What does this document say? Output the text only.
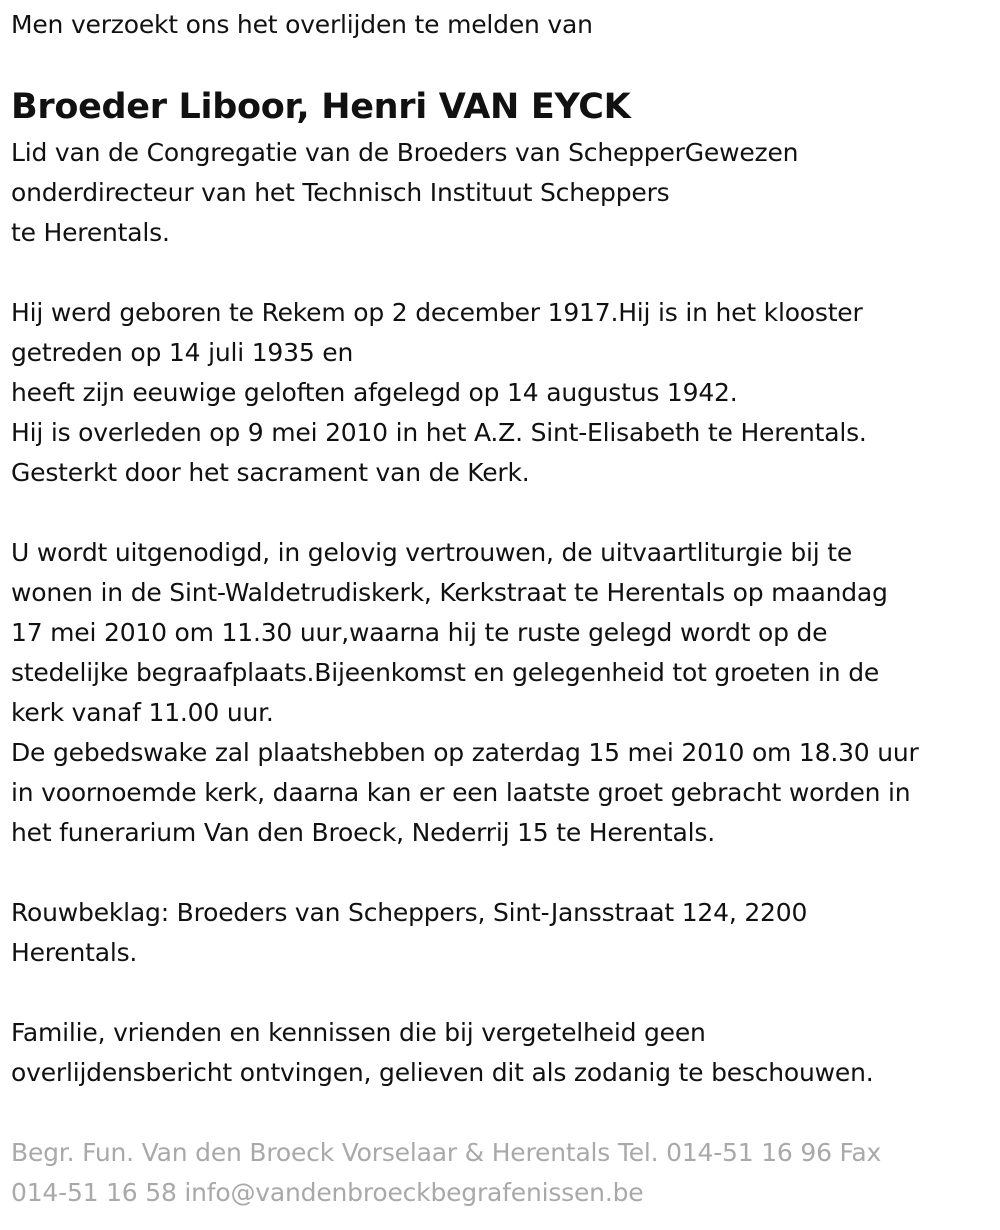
Men verzoekt ons het overlijden te melden van
Broeder Liboor, Henri VAN EYCK
Lid van de Congregatie van de Broeders van SchepperGewezen
onderdirecteur van het Technisch Instituut Scheppers
te Herentals.
Hij werd geboren te Rekem op 2 december 1917.Hij is in het klooster
getreden op 14 juli 1935 en
heeft zijn eeuwige geloften afgelegd op 14 augustus 1942.
Hij is overleden op 9 mei 2010 in het A.Z. Sint-Elisabeth te Herentals.
Gesterkt door het sacrament van de Kerk.
U wordt uitgenodigd, in gelovig vertrouwen, de uitvaartliturgie bij te
wonen in de Sint-Waldetrudiskerk, Kerkstraat te Herentals op maandag
17 mei 2010 om 11.30 uur,waarna hij te ruste gelegd wordt op de
stedelijke begraafplaats.Bijeenkomst en gelegenheid tot groeten in de
kerk vanaf 11.00 uur.
De gebedswake zal plaatshebben op zaterdag 15 mei 2010 om 18.30 uur
in voornoemde kerk, daarna kan er een laatste groet gebracht worden in
het funerarium Van den Broeck, Nederrij 15 te Herentals.
Rouwbeklag: Broeders van Scheppers, Sint-Jansstraat 124, 2200
Herentals.
Familie, vrienden en kennissen die bij vergetelheid geen
overlijdensbericht ontvingen, gelieven dit als zodanig te beschouwen.
Begr. Fun. Van den Broeck Vorselaar & Herentals Tel. 014-51 16 96 Fax
014-51 16 58 info@vandenbroeckbegrafenissen.be
